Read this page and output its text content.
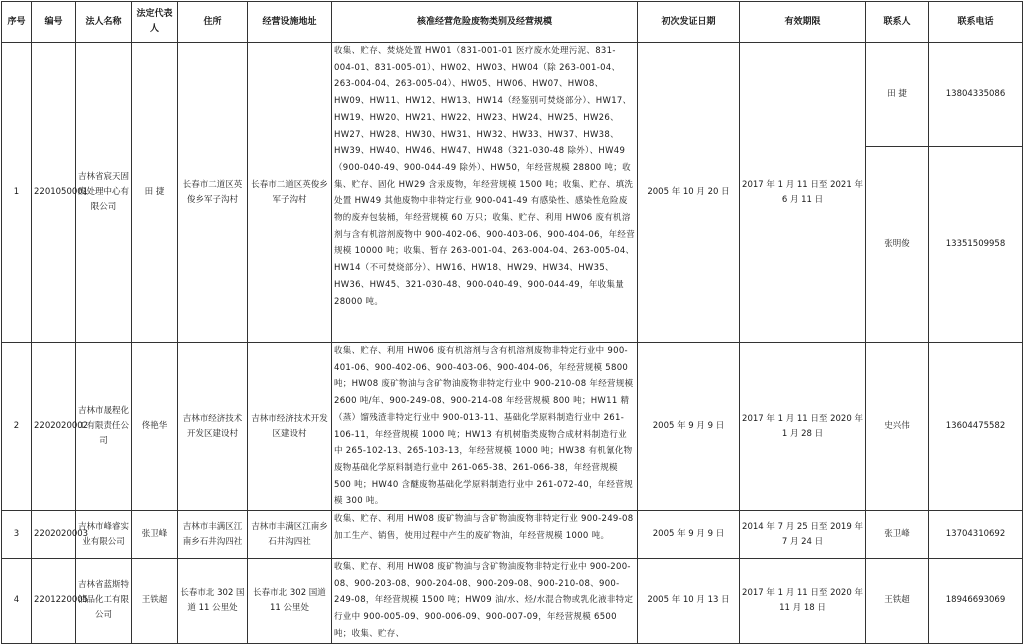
序号	编号	法人名称	法定代表人	住所	经营设施地址	核准经营危险废物类别及经营规模	初次发证日期	有效期限	联系人	联系电话
1	2201050001	吉林省宸天固废处理中心有限公司	田 捷	长春市二道区英俊乡军子沟村	长春市二道区英俊乡军子沟村	收集、贮存、焚烧处置 HW01（831-001-01 医疗废水处理污泥、831-004-01、831-005-01）、HW02、HW03、HW04（除 263-001-04、263-004-04、263-005-04）、HW05、HW06、HW07、HW08、HW09、HW11、HW12、HW13、HW14（经鉴别可焚烧部分）、HW17、HW19、HW20、HW21、HW22、HW23、HW24、HW25、HW26、HW27、HW28、HW30、HW31、HW32、HW33、HW37、HW38、HW39、HW40、HW46、HW47、HW48（321-030-48 除外）、HW49（900-040-49、900-044-49 除外）、HW50，年经营规模 28800 吨；收集、贮存、固化 HW29 含汞废物，年经营规模 1500 吨；收集、贮存、填洗处置 HW49 其他废物中非特定行业 900-041-49 有感染性、感染性危险废物的废弃包装桶，年经营规模 60 万只；收集、贮存、利用 HW06 废有机溶剂与含有机溶剂废物中 900-402-06、900-403-06、900-404-06，年经营规模 10000 吨；收集、暂存 263-001-04、263-004-04、263-005-04、HW14（不可焚烧部分）、HW16、HW18、HW29、HW34、HW35、HW36、HW45、321-030-48、900-040-49、900-044-49，年收集量 28000 吨。	2005 年 10 月 20 日	2017 年 1 月 11 日至 2021 年 6 月 11 日	田 捷	13804335086
									张明俊	13351509958
2	2202020002	吉林市晟程化工有限责任公司	佟艳华	吉林市经济技术开发区建设村	吉林市经济技术开发区建设村	收集、贮存、利用 HW06 废有机溶剂与含有机溶剂废物非特定行业中 900-401-06、900-402-06、900-403-06、900-404-06，年经营规模 5800 吨；HW08 废矿物油与含矿物油废物非特定行业中 900-210-08 年经营规模 2600 吨/年、900-249-08、900-214-08 年经营规模 800 吨；HW11 精（蒸）馏残渣非特定行业中 900-013-11、基础化学原料制造行业中 261-106-11，年经营规模 1000 吨；HW13 有机树脂类废物合成材料制造行业中 265-102-13、265-103-13，年经营规模 1000 吨；HW38 有机氰化物废物基础化学原料制造行业中 261-065-38、261-066-38，年经营规模 500 吨；HW40 含醚废物基础化学原料制造行业中 261-072-40，年经营规模 300 吨。	2005 年 9 月 9 日	2017 年 1 月 11 日至 2020 年 1 月 28 日	史兴伟	13604475582
3	2202020003	吉林市峰睿实业有限公司	张卫峰	吉林市丰满区江南乡石井沟四社	吉林市丰满区江南乡石井沟四社	收集、贮存、利用 HW08 废矿物油与含矿物油废物非特定行业 900-249-08 加工生产、销售，使用过程中产生的废矿物油，年经营规模 1000 吨。	2005 年 9 月 9 日	2014 年 7 月 25 日至 2019 年 7 月 24 日	张卫峰	13704310692
4	2201220005	吉林省蓝斯特油品化工有限公司	王铁超	长春市北 302 国道 11 公里处	长春市北 302 国道 11 公里处	收集、贮存、利用 HW08 废矿物油与含矿物油废物非特定行业中 900-200-08、900-203-08、900-204-08、900-209-08、900-210-08、900-249-08，年经营规模 1500 吨；HW09 油/水、烃/水混合物或乳化液非特定行业中 900-005-09、900-006-09、900-007-09，年经营规模 6500 吨；收集、贮存、	2005 年 10 月 13 日	2017 年 1 月 11 日至 2020 年 11 月 18 日	王铁超	18946693069
